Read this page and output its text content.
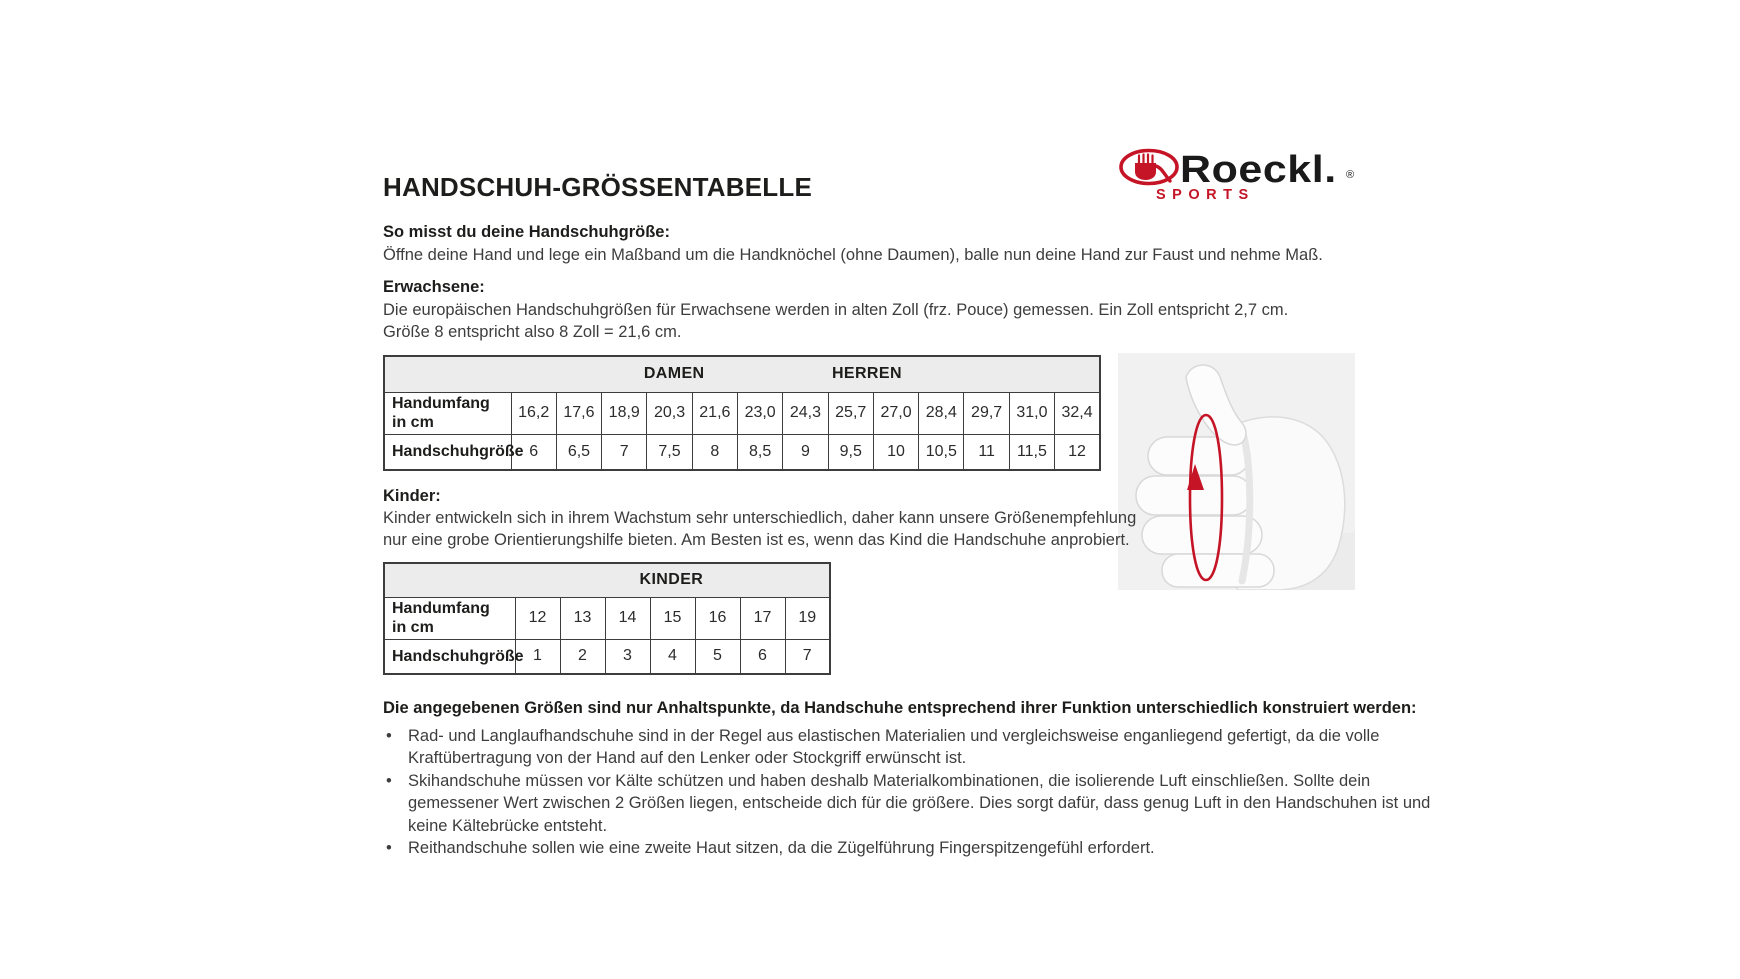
HANDSCHUH-GRÖSSENTABELLE	Roeckl. ®
SPORTS

So misst du deine Handschuhgröße:

Öffne deine Hand und lege ein Maßband um die Handknöchel (ohne Daumen), balle nun deine Hand zur Faust und nehme Maß.

Erwachsene:

Die europäischen Handschuhgrößen für Erwachsene werden in alten Zoll (frz. Pouce) gemessen. Ein Zoll entspricht 2,7 cm.

Größe 8 entspricht also 8 Zoll = 21,6 cm.

DAMEN HERREN													

Handumfang
in cm	16,2	17,6	18,9	20,3	21,6	23,0	24,3	25,7	27,0	28,4	29,7	31,0	32,4
Handschuhgröße	6	6,5	7	7,5	8	8,5	9	9,5	10	10,5	11	11,5	12

Kinder:

Kinder entwickeln sich in ihrem Wachstum sehr unterschiedlich, daher kann unsere Größenempfehlung

nur eine grobe Orientierungshilfe bieten. Am Besten ist es, wenn das Kind die Handschuhe anprobiert.

KINDER							

Handumfang
in cm	12	13	14	15	16	17	19
Handschuhgröße	1	2	3	4	5	6	7

Die angegebenen Größen sind nur Anhaltspunkte, da Handschuhe entsprechend ihrer Funktion unterschiedlich konstruiert werden:

• Rad- und Langlaufhandschuhe sind in der Regel aus elastischen Materialien und vergleichsweise enganliegend gefertigt, da die volle Kraftübertragung von der Hand auf den Lenker oder Stockgriff erwünscht ist.
• Skihandschuhe müssen vor Kälte schützen und haben deshalb Materialkombinationen, die isolierende Luft einschließen. Sollte dein gemessener Wert zwischen 2 Größen liegen, entscheide dich für die größere. Dies sorgt dafür, dass genug Luft in den Handschuhen ist und keine Kältebrücke entsteht.
• Reithandschuhe sollen wie eine zweite Haut sitzen, da die Zügelführung Fingerspitzengefühl erfordert.
